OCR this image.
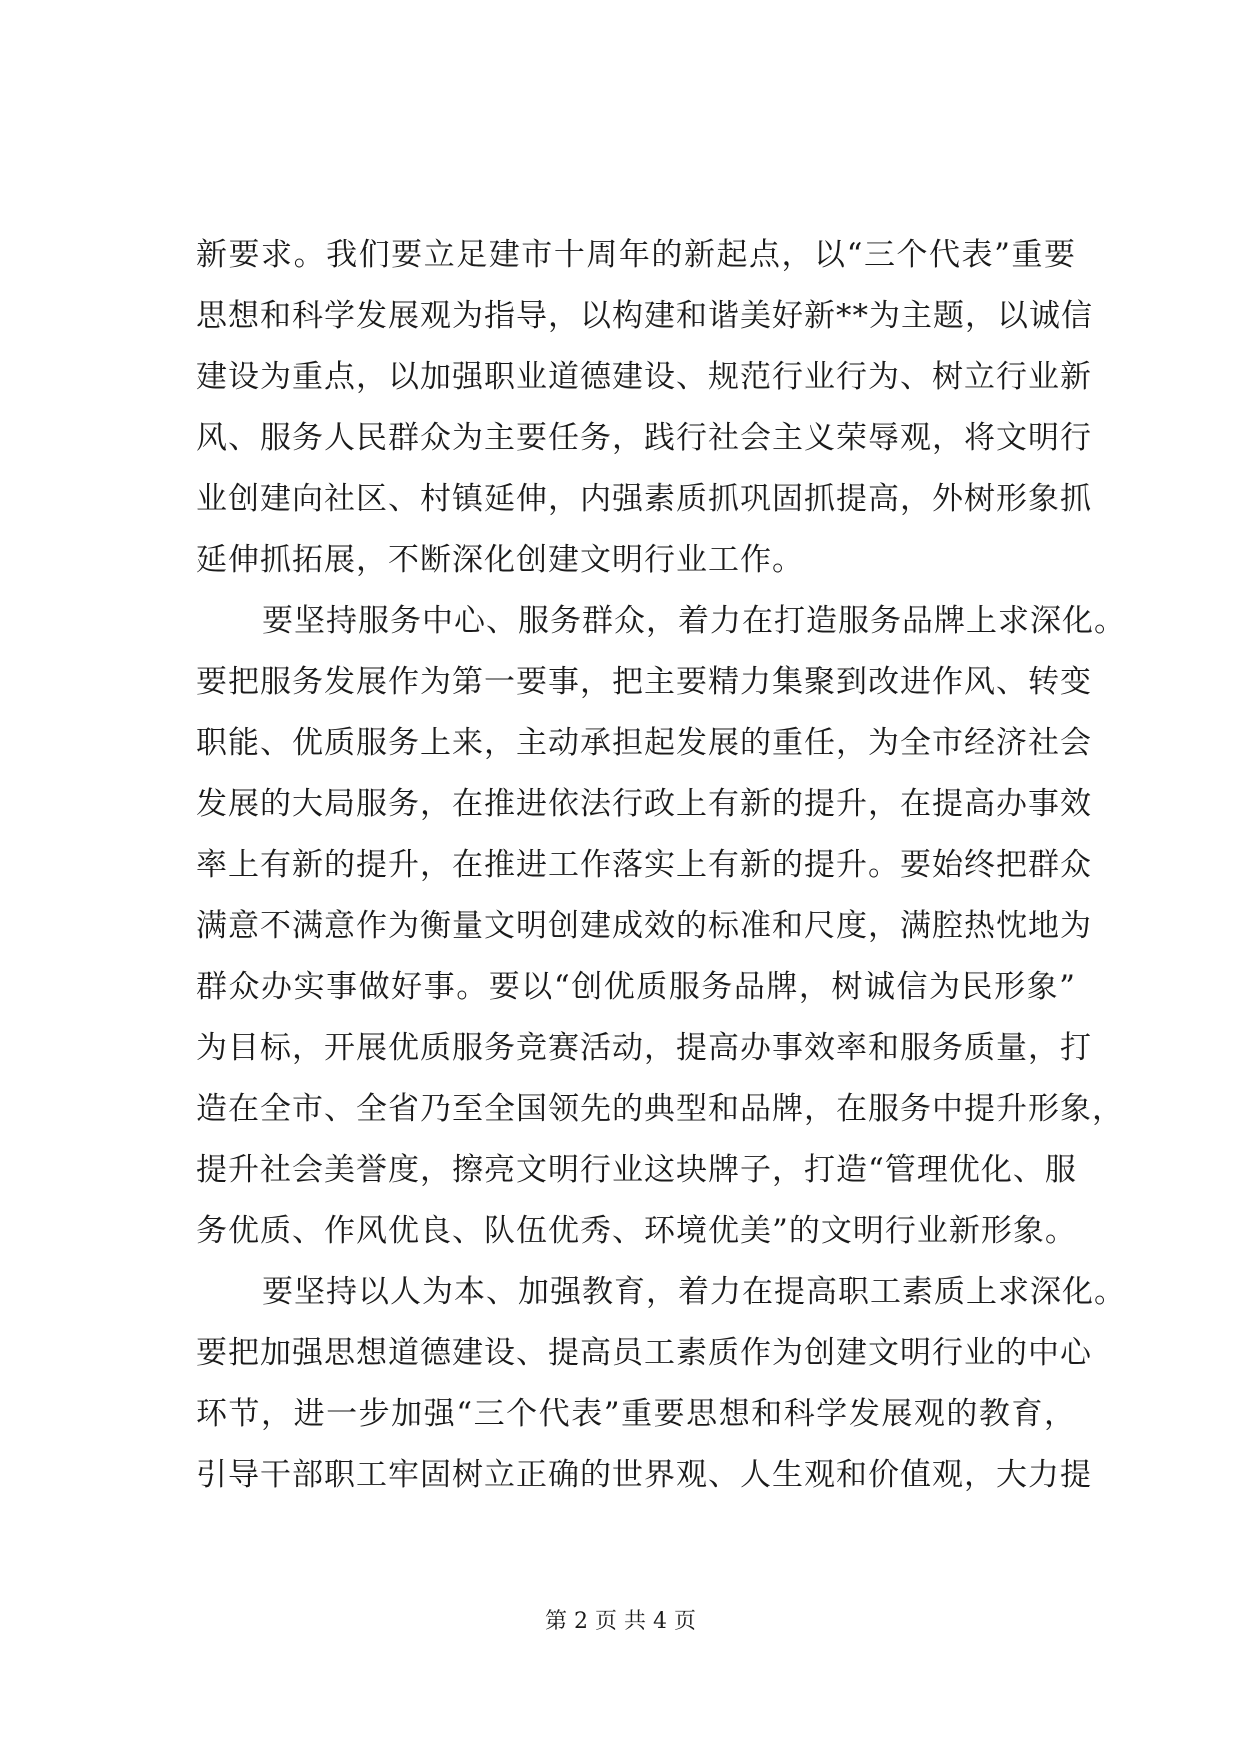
新要求。我们要立足建市十周年的新起点，以“三个代表”重要
思想和科学发展观为指导，以构建和谐美好新**为主题，以诚信
建设为重点，以加强职业道德建设、规范行业行为、树立行业新
风、服务人民群众为主要任务，践行社会主义荣辱观，将文明行
业创建向社区、村镇延伸，内强素质抓巩固抓提高，外树形象抓
延伸抓拓展，不断深化创建文明行业工作。
要坚持服务中心、服务群众，着力在打造服务品牌上求深化。
要把服务发展作为第一要事，把主要精力集聚到改进作风、转变
职能、优质服务上来，主动承担起发展的重任，为全市经济社会
发展的大局服务，在推进依法行政上有新的提升，在提高办事效
率上有新的提升，在推进工作落实上有新的提升。要始终把群众
满意不满意作为衡量文明创建成效的标准和尺度，满腔热忱地为
群众办实事做好事。要以“创优质服务品牌，树诚信为民形象”
为目标，开展优质服务竞赛活动，提高办事效率和服务质量，打
造在全市、全省乃至全国领先的典型和品牌，在服务中提升形象，
提升社会美誉度，擦亮文明行业这块牌子，打造“管理优化、服
务优质、作风优良、队伍优秀、环境优美”的文明行业新形象。
要坚持以人为本、加强教育，着力在提高职工素质上求深化。
要把加强思想道德建设、提高员工素质作为创建文明行业的中心
环节，进一步加强“三个代表”重要思想和科学发展观的教育，
引导干部职工牢固树立正确的世界观、人生观和价值观，大力提
第 2 页 共 4 页
